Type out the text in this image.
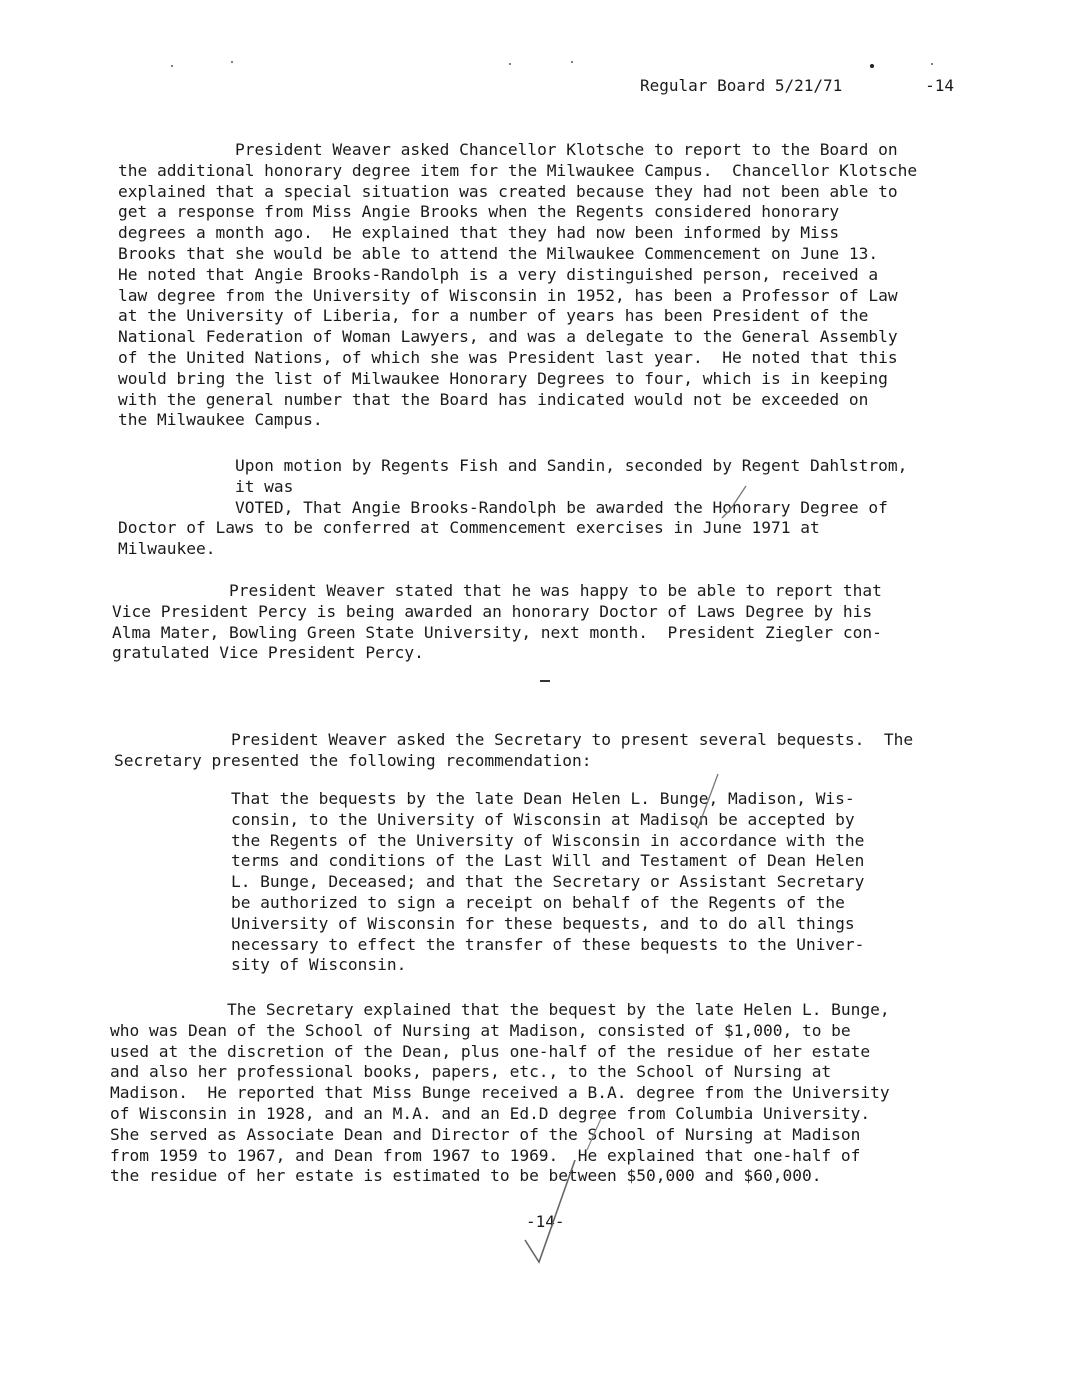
Regular Board 5/21/71	-14

President Weaver asked Chancellor Klotsche to report to the Board on
the additional honorary degree item for the Milwaukee Campus.  Chancellor Klotsche
explained that a special situation was created because they had not been able to
get a response from Miss Angie Brooks when the Regents considered honorary
degrees a month ago.  He explained that they had now been informed by Miss
Brooks that she would be able to attend the Milwaukee Commencement on June 13.
He noted that Angie Brooks-Randolph is a very distinguished person, received a
law degree from the University of Wisconsin in 1952, has been a Professor of Law
at the University of Liberia, for a number of years has been President of the
National Federation of Woman Lawyers, and was a delegate to the General Assembly
of the United Nations, of which she was President last year.  He noted that this
would bring the list of Milwaukee Honorary Degrees to four, which is in keeping
with the general number that the Board has indicated would not be exceeded on
the Milwaukee Campus.

Upon motion by Regents Fish and Sandin, seconded by Regent Dahlstrom,
it was
VOTED, That Angie Brooks-Randolph be awarded the Honorary Degree of
Doctor of Laws to be conferred at Commencement exercises in June 1971 at
Milwaukee.

President Weaver stated that he was happy to be able to report that
Vice President Percy is being awarded an honorary Doctor of Laws Degree by his
Alma Mater, Bowling Green State University, next month.  President Ziegler con-
gratulated Vice President Percy.

President Weaver asked the Secretary to present several bequests.  The
Secretary presented the following recommendation:

That the bequests by the late Dean Helen L. Bunge, Madison, Wis-
consin, to the University of Wisconsin at Madison be accepted by
the Regents of the University of Wisconsin in accordance with the
terms and conditions of the Last Will and Testament of Dean Helen
L. Bunge, Deceased; and that the Secretary or Assistant Secretary
be authorized to sign a receipt on behalf of the Regents of the
University of Wisconsin for these bequests, and to do all things
necessary to effect the transfer of these bequests to the Univer-
sity of Wisconsin.

The Secretary explained that the bequest by the late Helen L. Bunge,
who was Dean of the School of Nursing at Madison, consisted of $1,000, to be
used at the discretion of the Dean, plus one-half of the residue of her estate
and also her professional books, papers, etc., to the School of Nursing at
Madison.  He reported that Miss Bunge received a B.A. degree from the University
of Wisconsin in 1928, and an M.A. and an Ed.D degree from Columbia University.
She served as Associate Dean and Director of the School of Nursing at Madison
from 1959 to 1967, and Dean from 1967 to 1969.  He explained that one-half of
the residue of her estate is estimated to be between $50,000 and $60,000.

-14-
